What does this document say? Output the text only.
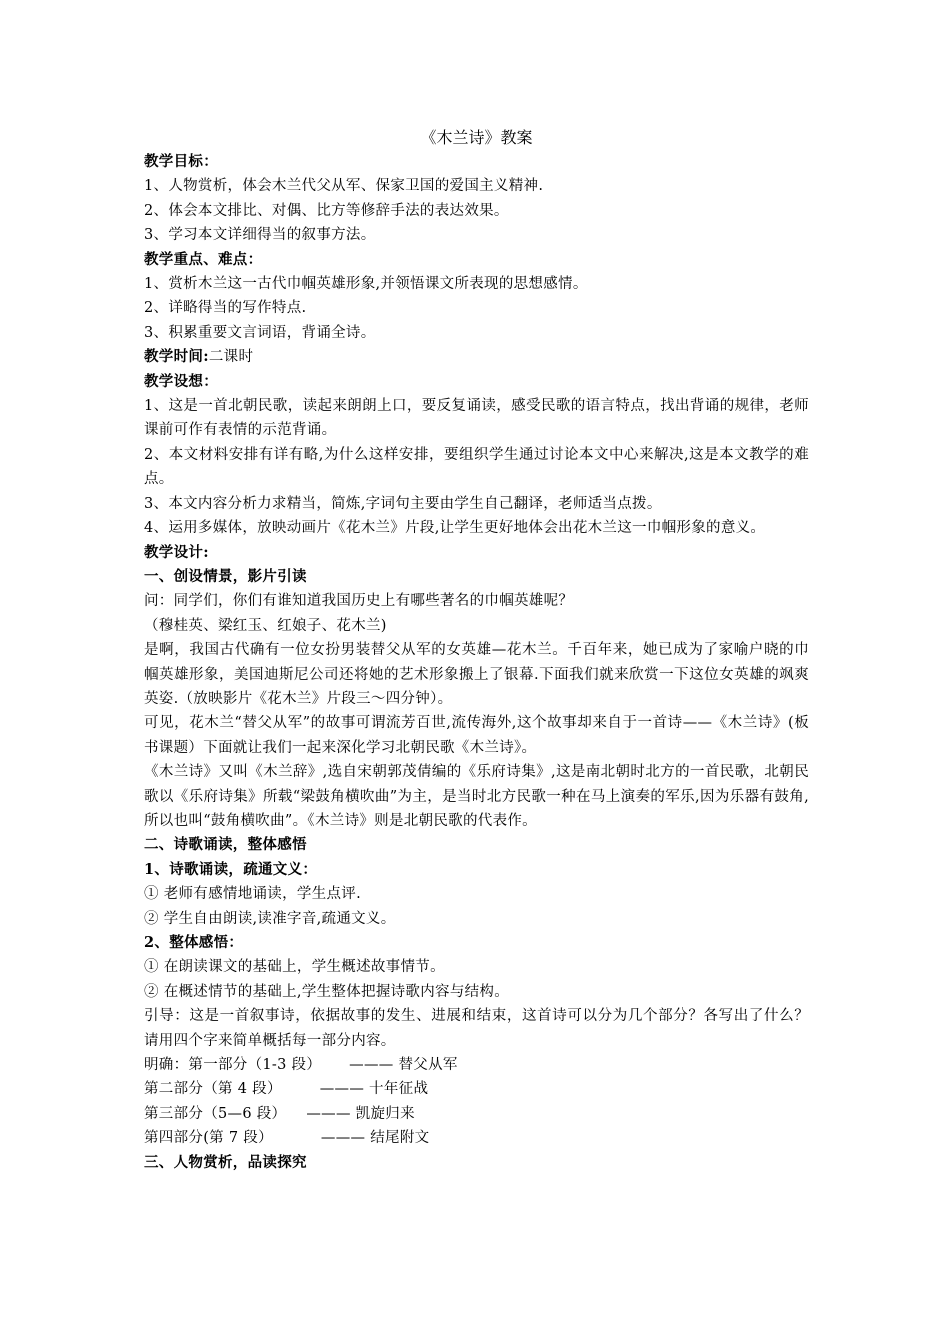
《木兰诗》教案

教学目标：

1、人物赏析，体会木兰代父从军、保家卫国的爱国主义精神.

2、体会本文排比、对偶、比方等修辞手法的表达效果。

3、学习本文详细得当的叙事方法。

教学重点、难点：

1、赏析木兰这一古代巾帼英雄形象,并领悟课文所表现的思想感情。

2、详略得当的写作特点.

3、积累重要文言词语，背诵全诗。

教学时间:二课时

教学设想：

1、这是一首北朝民歌，读起来朗朗上口，要反复诵读，感受民歌的语言特点，找出背诵的规律，老师课前可作有表情的示范背诵。

2、本文材料安排有详有略,为什么这样安排，要组织学生通过讨论本文中心来解决,这是本文教学的难点。

3、本文内容分析力求精当，简炼,字词句主要由学生自己翻译，老师适当点拨。

4、运用多媒体，放映动画片《花木兰》片段,让学生更好地体会出花木兰这一巾帼形象的意义。

教学设计:

一、创设情景，影片引读

问：同学们，你们有谁知道我国历史上有哪些著名的巾帼英雄呢？

（穆桂英、梁红玉、红娘子、花木兰)

是啊，我国古代确有一位女扮男装替父从军的女英雄—花木兰。千百年来，她已成为了家喻户晓的巾帼英雄形象，美国迪斯尼公司还将她的艺术形象搬上了银幕.下面我们就来欣赏一下这位女英雄的飒爽英姿.（放映影片《花木兰》片段三～四分钟）。

可见，花木兰“替父从军”的故事可谓流芳百世,流传海外,这个故事却来自于一首诗——《木兰诗》(板书课题）下面就让我们一起来深化学习北朝民歌《木兰诗》。

《木兰诗》又叫《木兰辞》,选自宋朝郭茂倩编的《乐府诗集》,这是南北朝时北方的一首民歌，北朝民歌以《乐府诗集》所载“梁鼓角横吹曲”为主，是当时北方民歌一种在马上演奏的军乐,因为乐器有鼓角,所以也叫“鼓角横吹曲”。《木兰诗》则是北朝民歌的代表作。

二、诗歌诵读，整体感悟

1、诗歌诵读，疏通文义：

① 老师有感情地诵读，学生点评.

② 学生自由朗读,读准字音,疏通文义。

2、整体感悟：

① 在朗读课文的基础上，学生概述故事情节。

② 在概述情节的基础上,学生整体把握诗歌内容与结构。

引导：这是一首叙事诗，依据故事的发生、进展和结束，这首诗可以分为几个部分？各写出了什么？请用四个字来简单概括每一部分内容。

明确：第一部分（1-3 段） ——— 替父从军

第二部分（第 4 段）	——— 十年征战

第三部分（5—6 段） ——— 凯旋归来

第四部分(第 7 段）	——— 结尾附文

三、人物赏析，品读探究
